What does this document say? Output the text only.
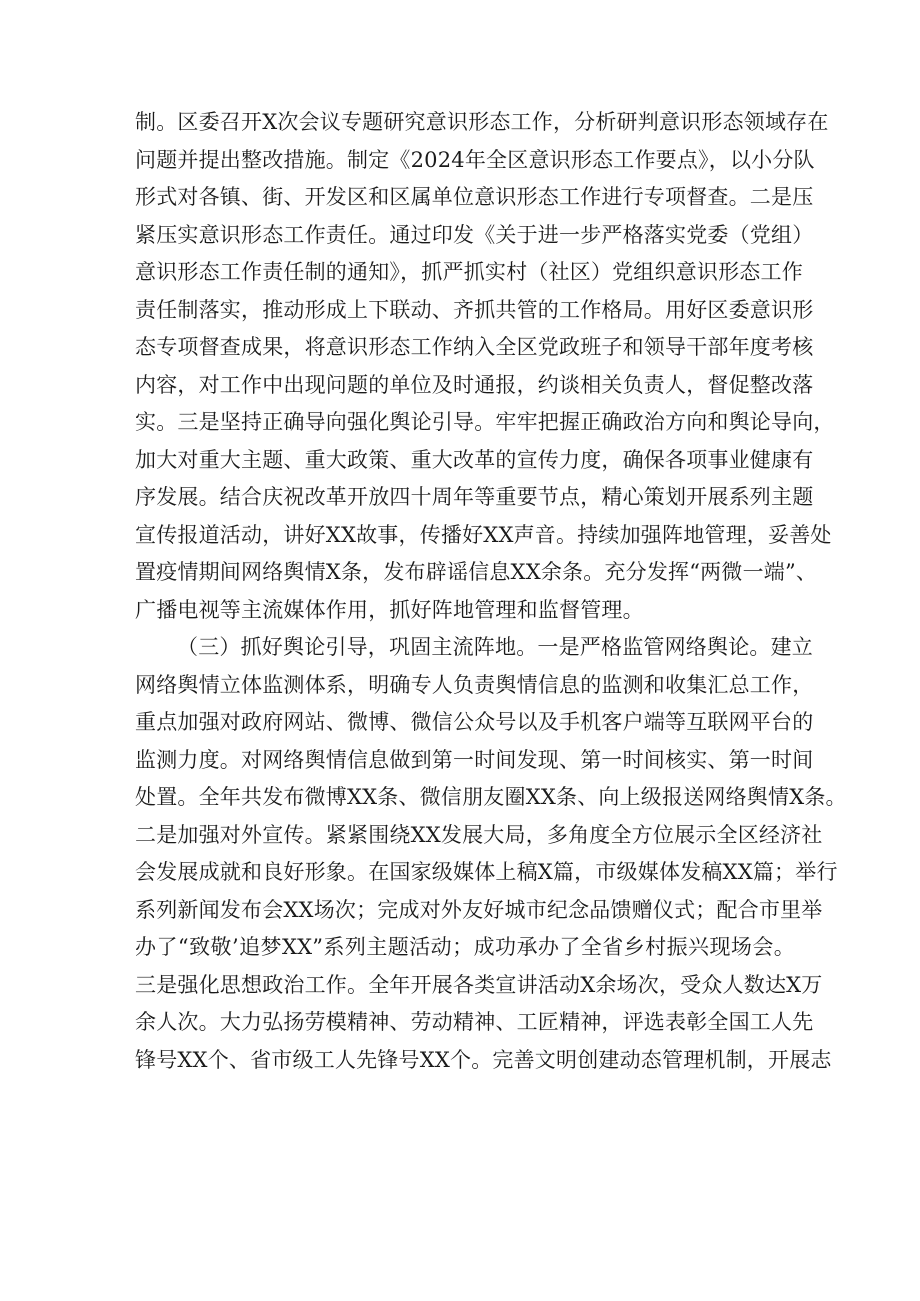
制。区委召开X次会议专题研究意识形态工作，分析研判意识形态领域存在
问题并提出整改措施。制定《2024年全区意识形态工作要点》，以小分队
形式对各镇、街、开发区和区属单位意识形态工作进行专项督查。二是压
紧压实意识形态工作责任。通过印发《关于进一步严格落实党委（党组）
意识形态工作责任制的通知》，抓严抓实村（社区）党组织意识形态工作
责任制落实，推动形成上下联动、齐抓共管的工作格局。用好区委意识形
态专项督查成果，将意识形态工作纳入全区党政班子和领导干部年度考核
内容，对工作中出现问题的单位及时通报，约谈相关负责人，督促整改落
实。三是坚持正确导向强化舆论引导。牢牢把握正确政治方向和舆论导向，
加大对重大主题、重大政策、重大改革的宣传力度，确保各项事业健康有
序发展。结合庆祝改革开放四十周年等重要节点，精心策划开展系列主题
宣传报道活动，讲好XX故事，传播好XX声音。持续加强阵地管理，妥善处
置疫情期间网络舆情X条，发布辟谣信息XX余条。充分发挥“两微一端”、
广播电视等主流媒体作用，抓好阵地管理和监督管理。
（三）抓好舆论引导，巩固主流阵地。一是严格监管网络舆论。建立
网络舆情立体监测体系，明确专人负责舆情信息的监测和收集汇总工作，
重点加强对政府网站、微博、微信公众号以及手机客户端等互联网平台的
监测力度。对网络舆情信息做到第一时间发现、第一时间核实、第一时间
处置。全年共发布微博XX条、微信朋友圈XX条、向上级报送网络舆情X条。
二是加强对外宣传。紧紧围绕XX发展大局，多角度全方位展示全区经济社
会发展成就和良好形象。在国家级媒体上稿X篇，市级媒体发稿XX篇；举行
系列新闻发布会XX场次；完成对外友好城市纪念品馈赠仪式；配合市里举
办了“致敬’追梦XX”系列主题活动；成功承办了全省乡村振兴现场会。
三是强化思想政治工作。全年开展各类宣讲活动X余场次，受众人数达X万
余人次。大力弘扬劳模精神、劳动精神、工匠精神，评选表彰全国工人先
锋号XX个、省市级工人先锋号XX个。完善文明创建动态管理机制，开展志
